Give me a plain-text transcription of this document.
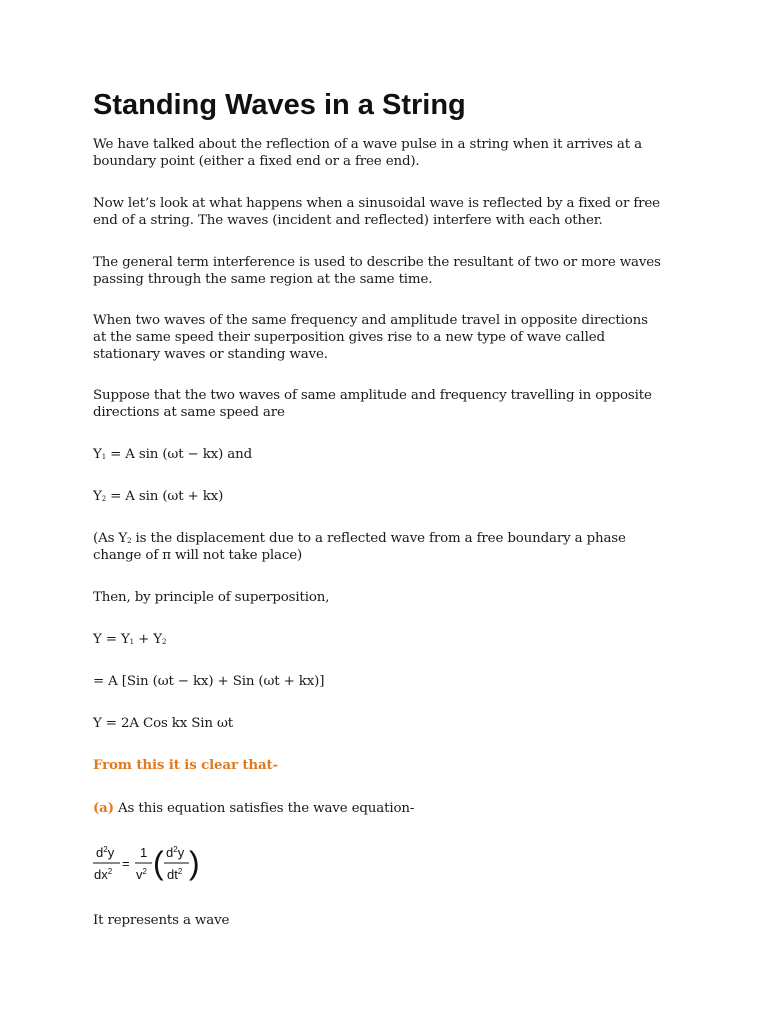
Standing Waves in a String

We have talked about the reflection of a wave pulse in a string when it arrives at a
boundary point (either a fixed end or a free end).

Now let’s look at what happens when a sinusoidal wave is reflected by a fixed or free
end of a string. The waves (incident and reflected) interfere with each other.

The general term interference is used to describe the resultant of two or more waves
passing through the same region at the same time.

When two waves of the same frequency and amplitude travel in opposite directions
at the same speed their superposition gives rise to a new type of wave called
stationary waves or standing wave.

Suppose that the two waves of same amplitude and frequency travelling in opposite
directions at same speed are

$Y_1 = A$ sin (ωt − kx) and

$Y_2 = A$ sin (ωt + kx)

(As $Y_2$ is the displacement due to a reflected wave from a free boundary a phase
change of π will not take place)

Then, by principle of superposition,

$Y = Y_1 + Y_2$

= A [Sin (ωt − kx) + Sin (ωt + kx)]

Y = 2A Cos kx Sin ωt

From this it is clear that-

(a) As this equation satisfies the wave equation-

$d^2y$
$dx^2$
=
1
$v^2$ ( $d^2y$
$dt^2$ )

It represents a wave
